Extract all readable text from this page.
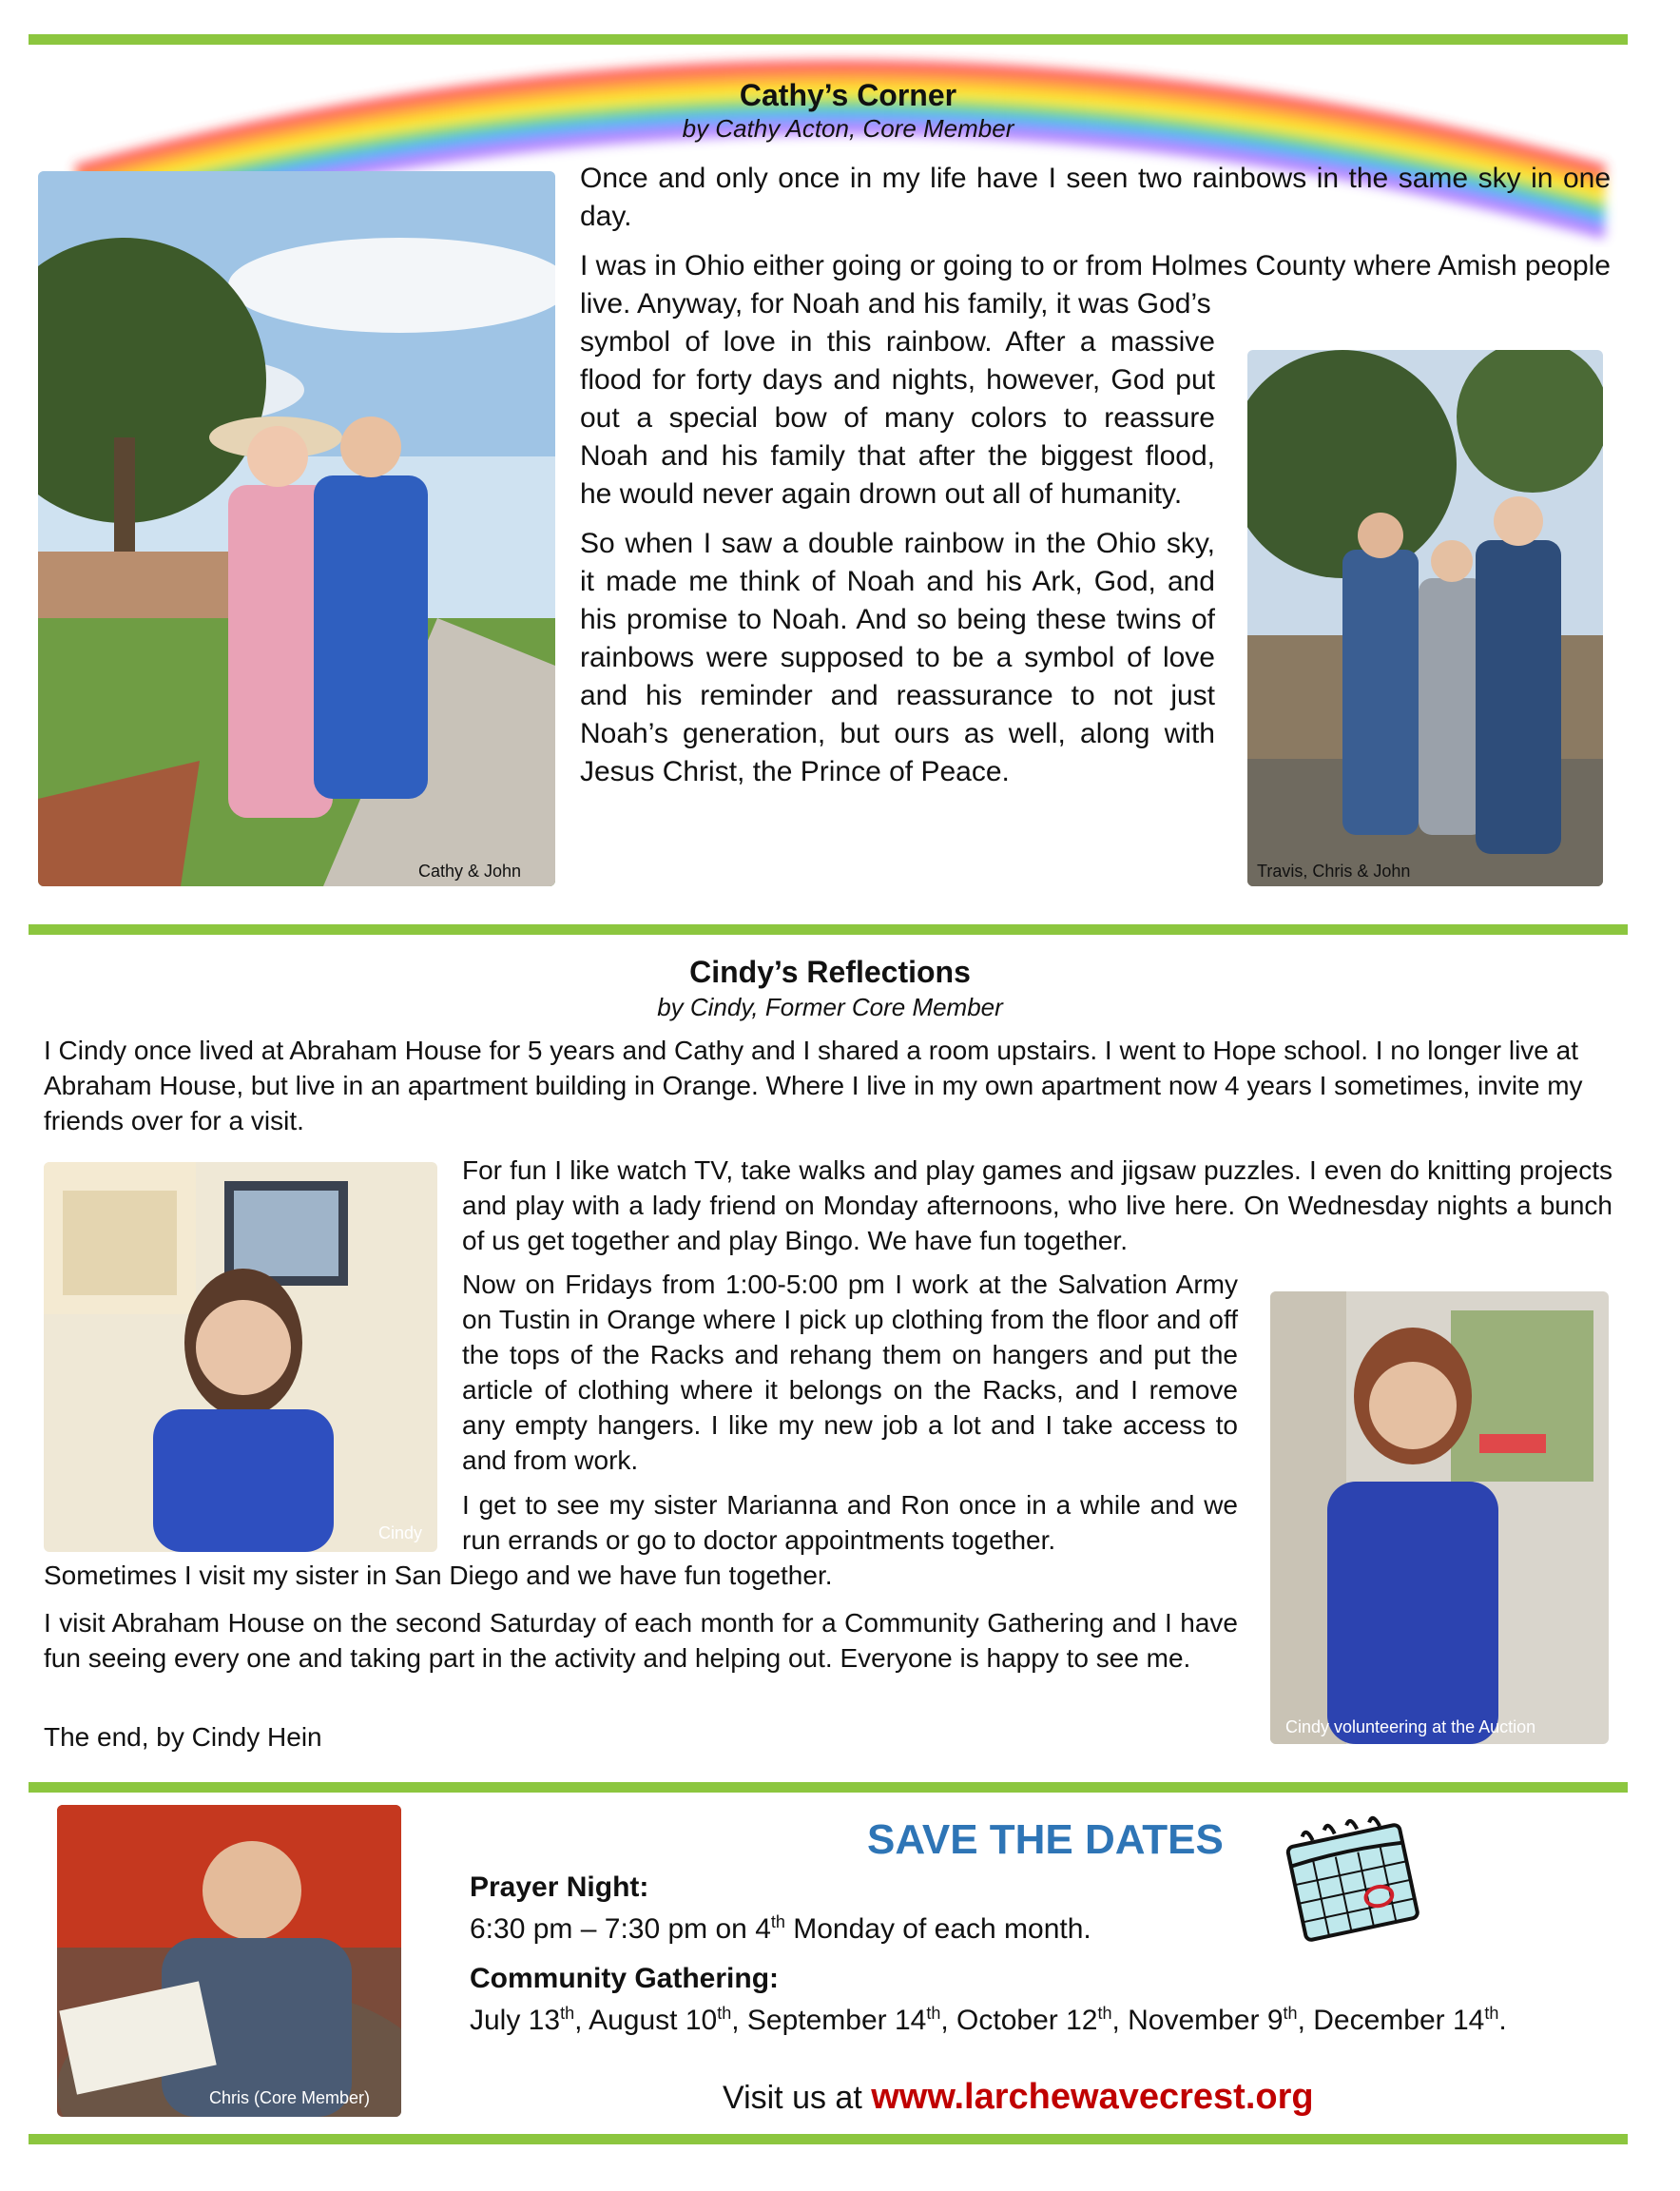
Cathy’s Corner
by Cathy Acton, Core Member
Cathy & John	Travis, Chris & John

Once and only once in my life have I seen two rainbows in the same sky in one day.

I was in Ohio either going or going to or from Holmes County where Amish people live. Anyway, for Noah and his family, it was God’s

symbol of love in this rainbow. After a massive flood for forty days and nights, however, God put out a special bow of many colors to reassure Noah and his family that after the biggest flood, he would never again drown out all of humanity.

So when I saw a double rainbow in the Ohio sky, it made me think of Noah and his Ark, God, and his promise to Noah. And so being these twins of rainbows were supposed to be a symbol of love and his reminder and reassurance to not just Noah’s generation, but ours as well, along with Jesus Christ, the Prince of Peace.

Cindy’s Reflections
by Cindy, Former Core Member
I Cindy once lived at Abraham House for 5 years and Cathy and I shared a room upstairs. I went to Hope school. I no longer live at Abraham House, but live in an apartment building in Orange. Where I live in my own apartment now 4 years I sometimes, invite my friends over for a visit.
Cindy
Cindy volunteering at the Auction
For fun I like watch TV, take walks and play games and jigsaw puzzles. I even do knitting projects and play with a lady friend on Monday afternoons, who live here. On Wednesday nights a bunch of us get together and play Bingo. We have fun together.
Now on Fridays from 1:00-5:00 pm I work at the Salvation Army on Tustin in Orange where I pick up clothing from the floor and off the tops of the Racks and rehang them on hangers and put the article of clothing where it belongs on the Racks, and I remove any empty hangers. I like my new job a lot and I take access to and from work.
I get to see my sister Marianna and Ron once in a while and we run errands or go to doctor appointments together.
Sometimes I visit my sister in San Diego and we have fun together.
I visit Abraham House on the second Saturday of each month for a Community Gathering and I have fun seeing every one and taking part in the activity and helping out. Everyone is happy to see me.
The end, by Cindy Hein
Chris (Core Member)
SAVE THE DATES
Prayer Night:
6:30 pm – 7:30 pm on 4th Monday of each month.
Community Gathering:
July 13th, August 10th, September 14th, October 12th, November 9th, December 14th.
Visit us at www.larchewavecrest.org
